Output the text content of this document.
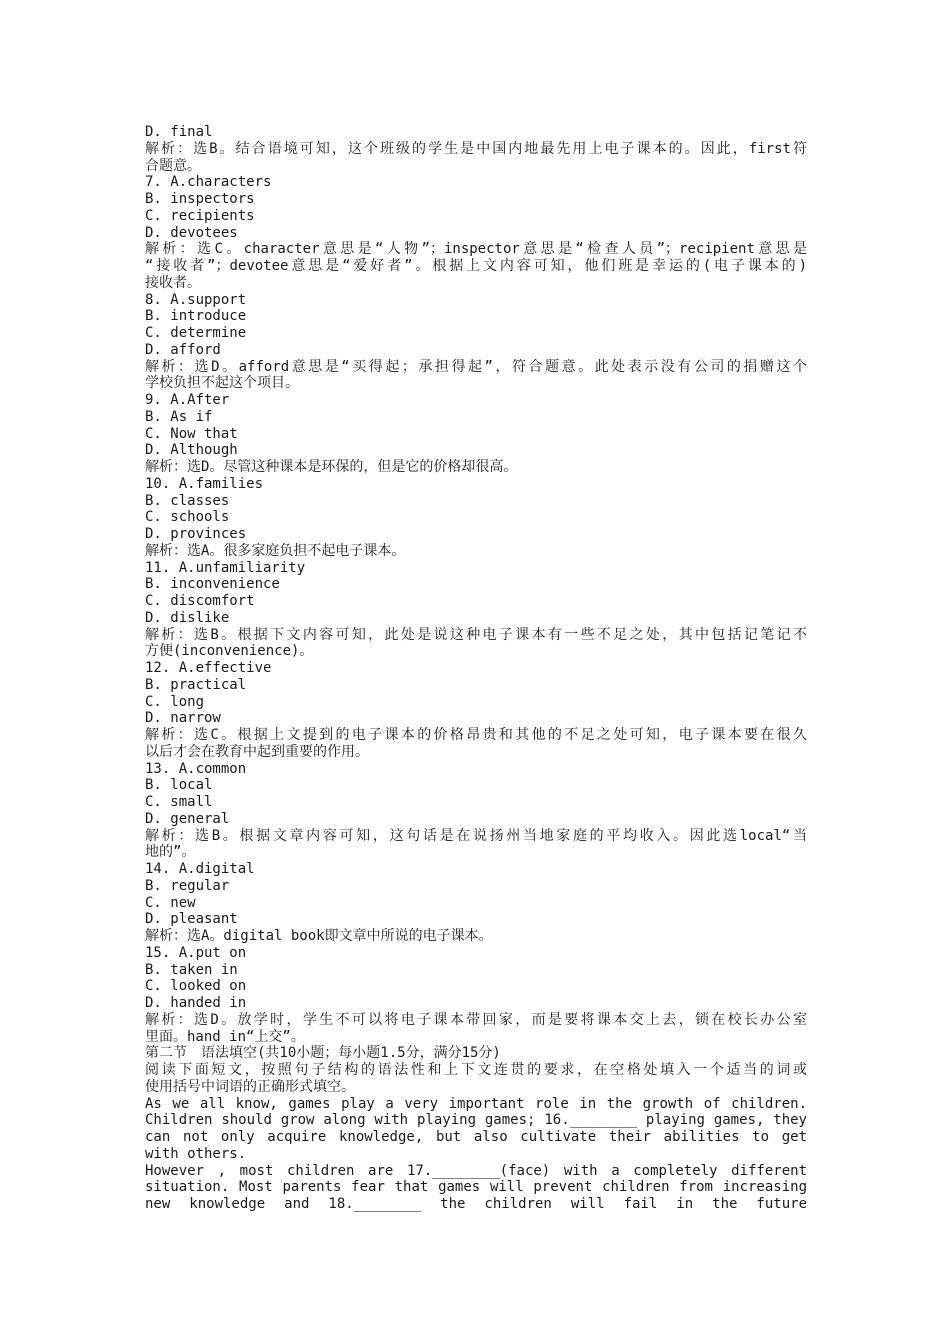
D. final
解析：选B。结合语境可知，这个班级的学生是中国内地最先用上电子课本的。因此，first符
合题意。
7. A.characters
B. inspectors
C. recipients
D. devotees
解析：选C。character意思是“人物”；inspector意思是“检查人员”；recipient意思是
“接收者”；devotee意思是“爱好者”。根据上文内容可知，他们班是幸运的(电子课本的)
接收者。
8. A.support
B. introduce
C. determine
D. afford
解析：选D。afford意思是“买得起；承担得起”，符合题意。此处表示没有公司的捐赠这个
学校负担不起这个项目。
9. A.After
B. As if
C. Now that
D. Although
解析：选D。尽管这种课本是环保的，但是它的价格却很高。
10. A.families
B. classes
C. schools
D. provinces
解析：选A。很多家庭负担不起电子课本。
11. A.unfamiliarity
B. inconvenience
C. discomfort
D. dislike
解析：选B。根据下文内容可知，此处是说这种电子课本有一些不足之处，其中包括记笔记不
方便(inconvenience)。
12. A.effective
B. practical
C. long
D. narrow
解析：选C。根据上文提到的电子课本的价格昂贵和其他的不足之处可知，电子课本要在很久
以后才会在教育中起到重要的作用。
13. A.common
B. local
C. small
D. general
解析：选B。根据文章内容可知，这句话是在说扬州当地家庭的平均收入。因此选local“当
地的”。
14. A.digital
B. regular
C. new
D. pleasant
解析：选A。digital book即文章中所说的电子课本。
15. A.put on
B. taken in
C. looked on
D. handed in
解析：选D。放学时，学生不可以将电子课本带回家，而是要将课本交上去，锁在校长办公室
里面。hand in“上交”。
第二节　语法填空(共10小题；每小题1.5分，满分15分)
阅读下面短文，按照句子结构的语法性和上下文连贯的要求，在空格处填入一个适当的词或
使用括号中词语的正确形式填空。
As we all know, games play a very important role in the growth of children.
Children should grow along with playing games; 16.________ playing games, they
can not only acquire knowledge, but also cultivate their abilities to get
with others.
However , most children are 17.________(face) with a completely different
situation. Most parents fear that games will prevent children from increasing
new knowledge and 18.________ the children will fail in the future
